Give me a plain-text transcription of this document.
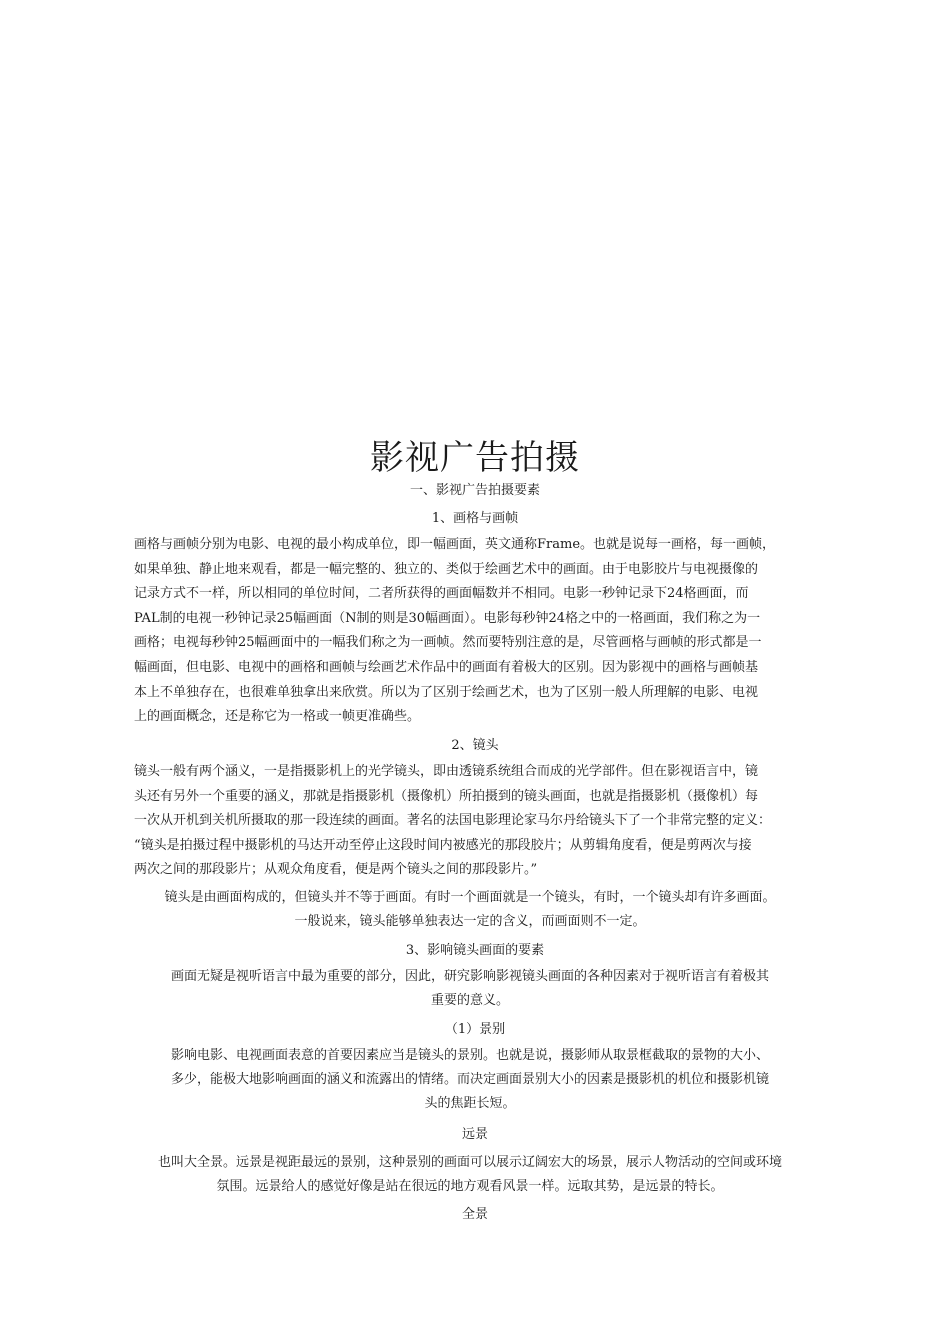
影视广告拍摄
一、影视广告拍摄要素
1、画格与画帧
画格与画帧分别为电影、电视的最小构成单位，即一幅画面，英文通称Frame。也就是说每一画格，每一画帧，
如果单独、静止地来观看，都是一幅完整的、独立的、类似于绘画艺术中的画面。由于电影胶片与电视摄像的
记录方式不一样，所以相同的单位时间，二者所获得的画面幅数并不相同。电影一秒钟记录下24格画面，而
PAL制的电视一秒钟记录25幅画面（N制的则是30幅画面）。电影每秒钟24格之中的一格画面，我们称之为一
画格；电视每秒钟25幅画面中的一幅我们称之为一画帧。然而要特别注意的是，尽管画格与画帧的形式都是一
幅画面，但电影、电视中的画格和画帧与绘画艺术作品中的画面有着极大的区别。因为影视中的画格与画帧基
本上不单独存在，也很难单独拿出来欣赏。所以为了区别于绘画艺术，也为了区别一般人所理解的电影、电视
上的画面概念，还是称它为一格或一帧更准确些。
2、镜头
镜头一般有两个涵义，一是指摄影机上的光学镜头，即由透镜系统组合而成的光学部件。但在影视语言中，镜
头还有另外一个重要的涵义，那就是指摄影机（摄像机）所拍摄到的镜头画面，也就是指摄影机（摄像机）每
一次从开机到关机所摄取的那一段连续的画面。著名的法国电影理论家马尔丹给镜头下了一个非常完整的定义：
“镜头是拍摄过程中摄影机的马达开动至停止这段时间内被感光的那段胶片；从剪辑角度看，便是剪两次与接
两次之间的那段影片；从观众角度看，便是两个镜头之间的那段影片。”
镜头是由画面构成的，但镜头并不等于画面。有时一个画面就是一个镜头，有时，一个镜头却有许多画面。
一般说来，镜头能够单独表达一定的含义，而画面则不一定。
3、影响镜头画面的要素
画面无疑是视听语言中最为重要的部分，因此，研究影响影视镜头画面的各种因素对于视听语言有着极其
重要的意义。
（1）景别
影响电影、电视画面表意的首要因素应当是镜头的景别。也就是说，摄影师从取景框截取的景物的大小、
多少，能极大地影响画面的涵义和流露出的情绪。而决定画面景别大小的因素是摄影机的机位和摄影机镜
头的焦距长短。
远景
也叫大全景。远景是视距最远的景别，这种景别的画面可以展示辽阔宏大的场景，展示人物活动的空间或环境
氛围。远景给人的感觉好像是站在很远的地方观看风景一样。远取其势，是远景的特长。
全景
